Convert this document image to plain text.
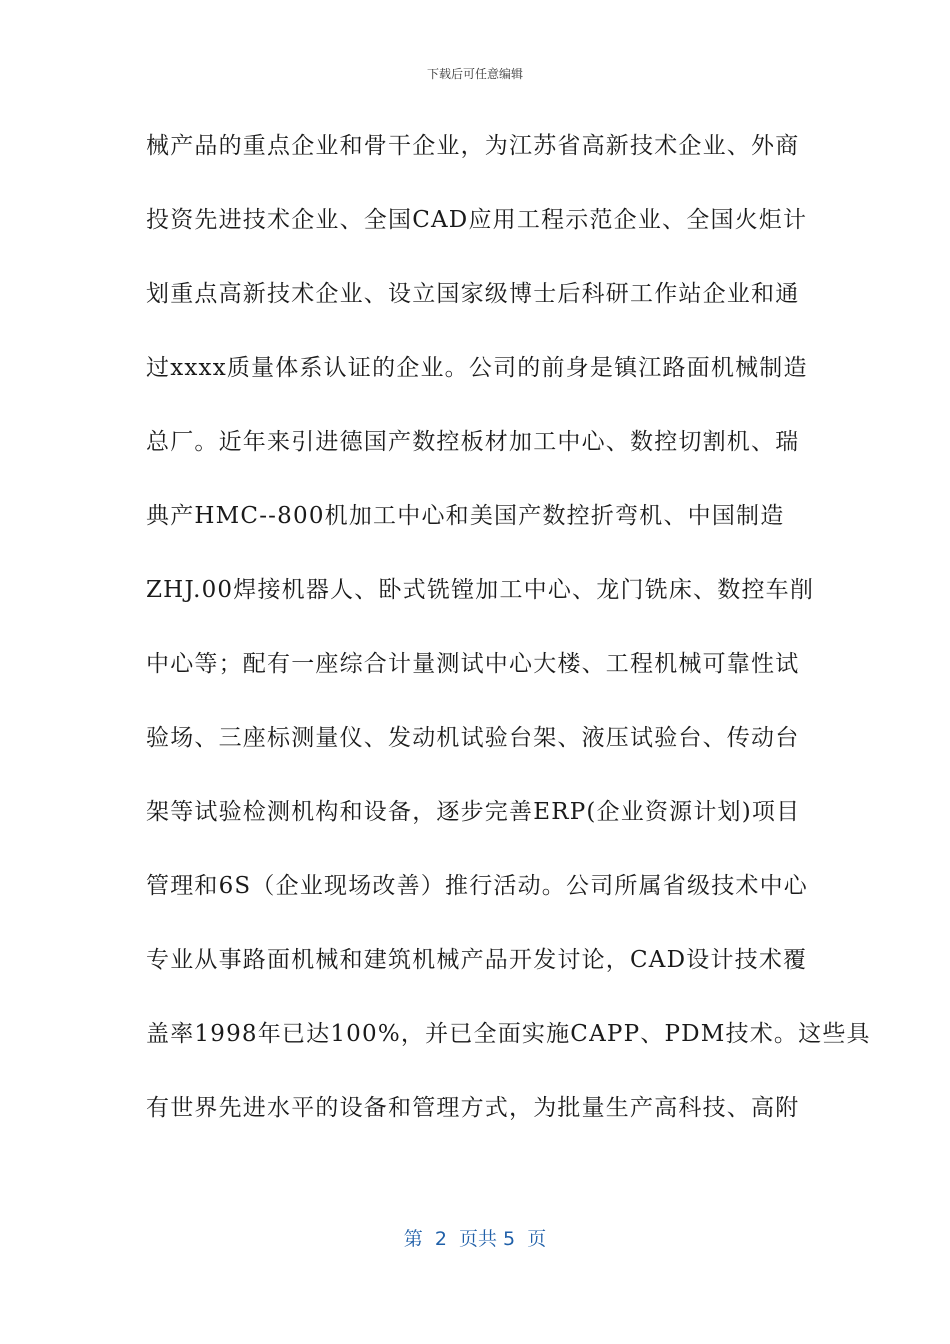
下载后可任意编辑
械产品的重点企业和骨干企业，为江苏省高新技术企业、外商
投资先进技术企业、全国CAD应用工程示范企业、全国火炬计
划重点高新技术企业、设立国家级博士后科研工作站企业和通
过xxxx质量体系认证的企业。公司的前身是镇江路面机械制造
总厂。近年来引进德国产数控板材加工中心、数控切割机、瑞
典产HMC--800机加工中心和美国产数控折弯机、中国制造
ZHJ.00焊接机器人、卧式铣镗加工中心、龙门铣床、数控车削
中心等；配有一座综合计量测试中心大楼、工程机械可靠性试
验场、三座标测量仪、发动机试验台架、液压试验台、传动台
架等试验检测机构和设备，逐步完善ERP(企业资源计划)项目
管理和6S（企业现场改善）推行活动。公司所属省级技术中心
专业从事路面机械和建筑机械产品开发讨论，CAD设计技术覆
盖率1998年已达100%，并已全面实施CAPP、PDM技术。这些具
有世界先进水平的设备和管理方式，为批量生产高科技、高附
第  2  页共 5  页
